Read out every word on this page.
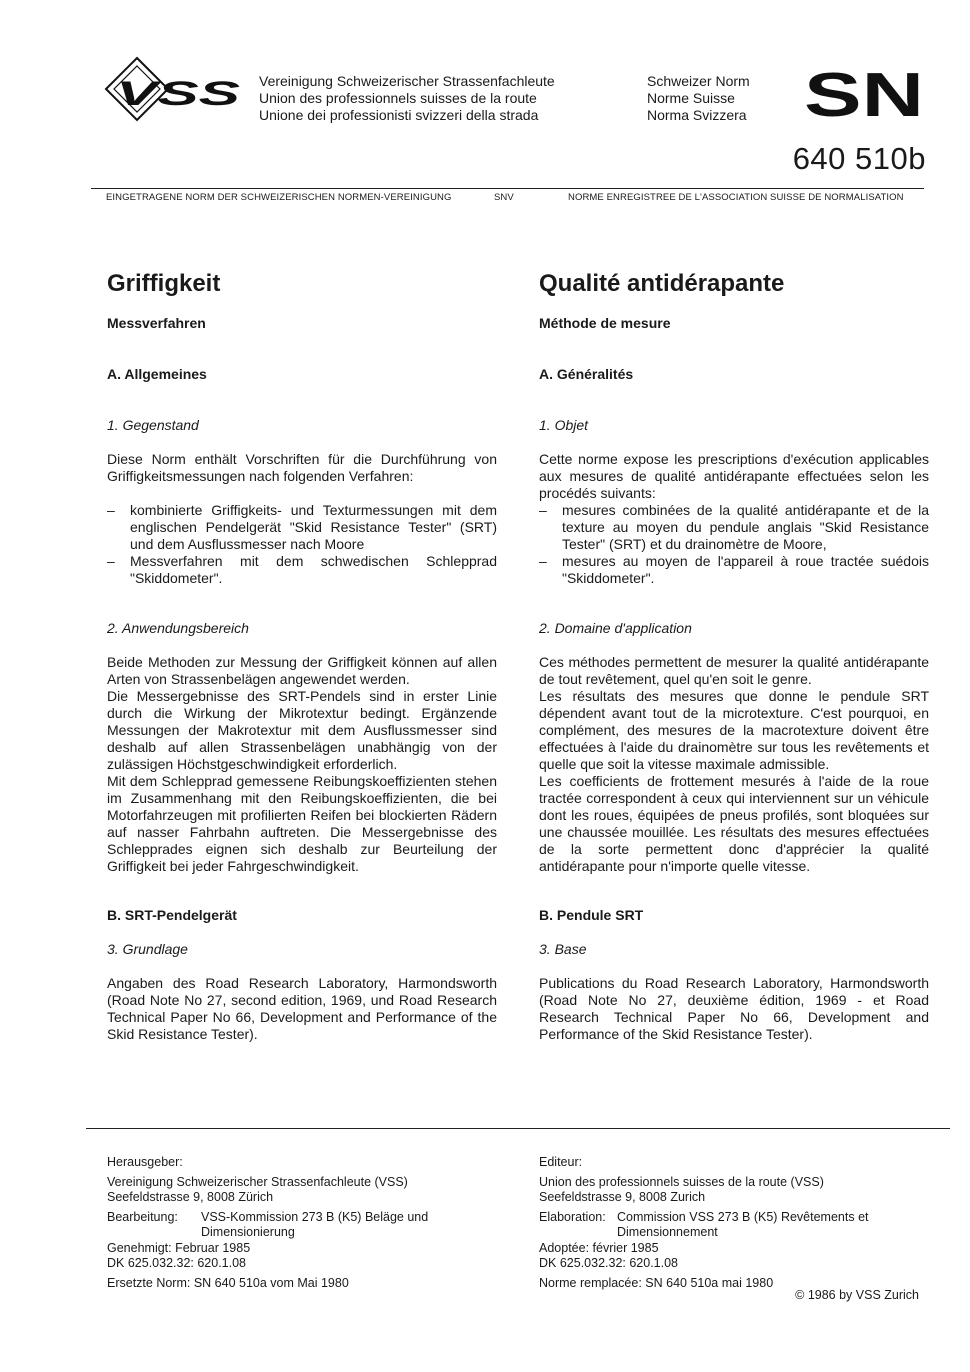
VSS Vereinigung Schweizerischer Strassenfachleute
Union des professionnels suisses de la route
Unione dei professionisti svizzeri della strada
Schweizer Norm
Norme Suisse
Norma Svizzera SN
640 510b
EINGETRAGENE NORM DER SCHWEIZERISCHEN NORMEN-VEREINIGUNG	SNV	NORME ENREGISTREE DE L'ASSOCIATION SUISSE DE NORMALISATION
Griffigkeit
Messverfahren
A. Allgemeines
1. Gegenstand
Diese Norm enthält Vorschriften für die Durchführung von Griffigkeitsmessungen nach folgenden Verfahren:
– kombinierte Griffigkeits- und Texturmessungen mit dem englischen Pendelgerät "Skid Resistance Tester" (SRT) und dem Ausflussmesser nach Moore
– Messverfahren mit dem schwedischen Schlepprad "Skiddometer".
2. Anwendungsbereich

Beide Methoden zur Messung der Griffigkeit können auf allen Arten von Strassenbelägen angewendet werden.

Die Messergebnisse des SRT-Pendels sind in erster Linie durch die Wirkung der Mikrotextur bedingt. Ergänzende Messungen der Makrotextur mit dem Ausflussmesser sind deshalb auf allen Strassenbelägen unabhängig von der zulässigen Höchstgeschwindigkeit erforderlich.

Mit dem Schlepprad gemessene Reibungskoeffizienten stehen im Zusammenhang mit den Reibungskoeffizienten, die bei Motorfahrzeugen mit profilierten Reifen bei blockierten Rädern auf nasser Fahrbahn auftreten. Die Messergebnisse des Schlepprades eignen sich deshalb zur Beurteilung der Griffigkeit bei jeder Fahrgeschwindigkeit.

B. SRT-Pendelgerät
3. Grundlage
Angaben des Road Research Laboratory, Harmondsworth (Road Note No 27, second edition, 1969, und Road Research Technical Paper No 66, Development and Performance of the Skid Resistance Tester).
Qualité antidérapante
Méthode de mesure
A. Généralités
1. Objet
Cette norme expose les prescriptions d'exécution applicables aux mesures de qualité antidérapante effectuées selon les procédés suivants:
– mesures combinées de la qualité antidérapante et de la texture au moyen du pendule anglais "Skid Resistance Tester" (SRT) et du drainomètre de Moore,
– mesures au moyen de l'appareil à roue tractée suédois "Skiddometer".
2. Domaine d'application

Ces méthodes permettent de mesurer la qualité antidérapante de tout revêtement, quel qu'en soit le genre.

Les résultats des mesures que donne le pendule SRT dépendent avant tout de la microtexture. C'est pourquoi, en complément, des mesures de la macrotexture doivent être effectuées à l'aide du drainomètre sur tous les revêtements et quelle que soit la vitesse maximale admissible.

Les coefficients de frottement mesurés à l'aide de la roue tractée correspondent à ceux qui interviennent sur un véhicule dont les roues, équipées de pneus profilés, sont bloquées sur une chaussée mouillée. Les résultats des mesures effectuées de la sorte permettent donc d'apprécier la qualité antidérapante pour n'importe quelle vitesse.

B. Pendule SRT
3. Base
Publications du Road Research Laboratory, Harmondsworth (Road Note No 27, deuxième édition, 1969 - et Road Research Technical Paper No 66, Development and Performance of the Skid Resistance Tester).
Herausgeber:
Vereinigung Schweizerischer Strassenfachleute (VSS)
Seefeldstrasse 9, 8008 Zürich
Bearbeitung:	VSS-Kommission 273 B (K5) Beläge und Dimensionierung
Genehmigt: Februar 1985
DK 625.032.32: 620.1.08
Ersetzte Norm: SN 640 510a vom Mai 1980
Editeur:
Union des professionnels suisses de la route (VSS)
Seefeldstrasse 9, 8008 Zurich
Elaboration: Commission VSS 273 B (K5) Revêtements et Dimensionnement
Adoptée: février 1985
DK 625.032.32: 620.1.08
Norme remplacée: SN 640 510a mai 1980
© 1986 by VSS Zurich
